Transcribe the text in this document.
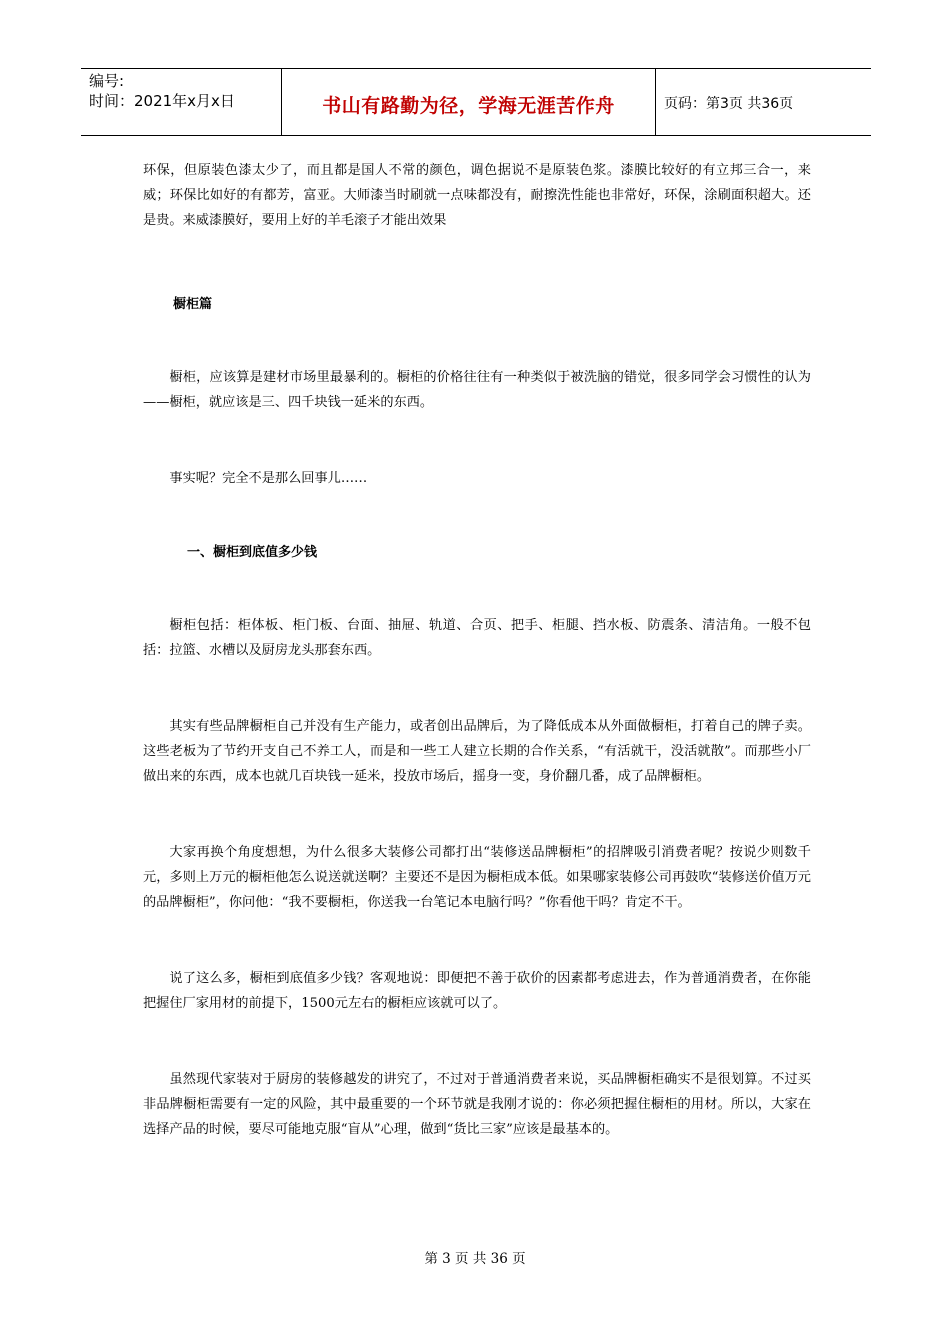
编号:
时间：2021年x月x日	书山有路勤为径，学海无涯苦作舟	页码：第3页 共36页

环保，但原装色漆太少了，而且都是国人不常的颜色，调色据说不是原装色浆。漆膜比较好的有立邦三合一，来威；环保比如好的有都芳，富亚。大师漆当时刷就一点味都没有，耐擦洗性能也非常好，环保，涂刷面积超大。还是贵。来威漆膜好，要用上好的羊毛滚子才能出效果

橱柜篇

橱柜，应该算是建材市场里最暴利的。橱柜的价格往往有一种类似于被洗脑的错觉，很多同学会习惯性的认为——橱柜，就应该是三、四千块钱一延米的东西。

事实呢？完全不是那么回事儿……

一、橱柜到底值多少钱

橱柜包括：柜体板、柜门板、台面、抽屉、轨道、合页、把手、柜腿、挡水板、防震条、清洁角。一般不包括：拉篮、水槽以及厨房龙头那套东西。

其实有些品牌橱柜自己并没有生产能力，或者创出品牌后，为了降低成本从外面做橱柜，打着自己的牌子卖。这些老板为了节约开支自己不养工人，而是和一些工人建立长期的合作关系，“有活就干，没活就散”。而那些小厂做出来的东西，成本也就几百块钱一延米，投放市场后，摇身一变，身价翻几番，成了品牌橱柜。

大家再换个角度想想，为什么很多大装修公司都打出“装修送品牌橱柜”的招牌吸引消费者呢？按说少则数千元，多则上万元的橱柜他怎么说送就送啊？主要还不是因为橱柜成本低。如果哪家装修公司再鼓吹“装修送价值万元的品牌橱柜”，你问他：“我不要橱柜，你送我一台笔记本电脑行吗？”你看他干吗？肯定不干。

说了这么多，橱柜到底值多少钱？客观地说：即便把不善于砍价的因素都考虑进去，作为普通消费者，在你能把握住厂家用材的前提下，1500元左右的橱柜应该就可以了。

虽然现代家装对于厨房的装修越发的讲究了，不过对于普通消费者来说，买品牌橱柜确实不是很划算。不过买非品牌橱柜需要有一定的风险，其中最重要的一个环节就是我刚才说的：你必须把握住橱柜的用材。所以，大家在选择产品的时候，要尽可能地克服“盲从”心理，做到“货比三家”应该是最基本的。

第 3 页 共 36 页
